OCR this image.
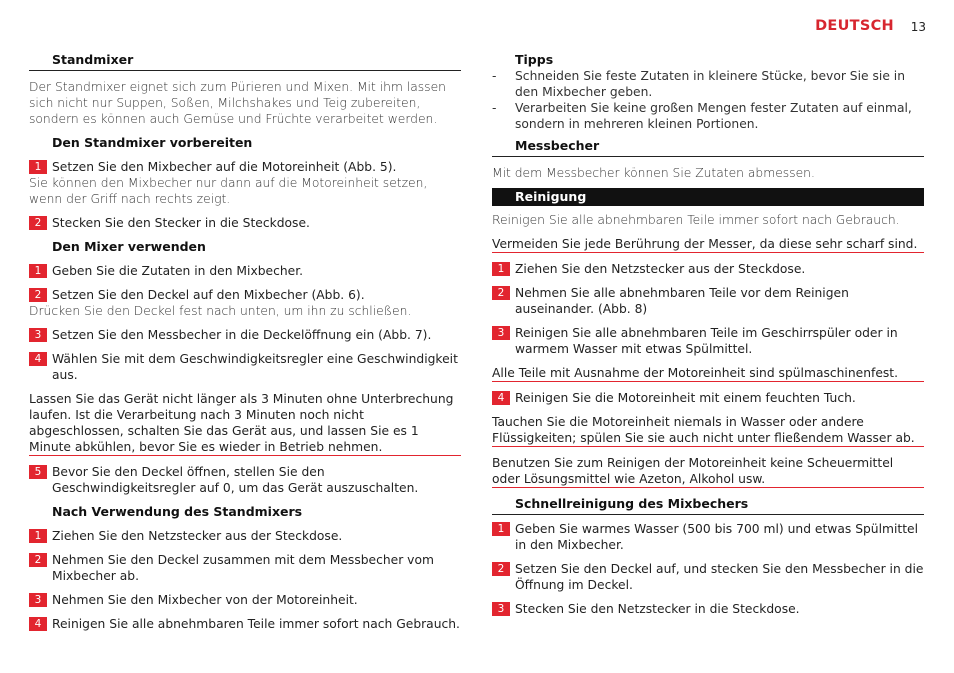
DEUTSCH 13
Standmixer
Der Standmixer eignet sich zum Pürieren und Mixen. Mit ihm lassen sich nicht nur Suppen, Soßen, Milchshakes und Teig zubereiten, sondern es können auch Gemüse und Früchte verarbeitet werden.
Den Standmixer vorbereiten
1 Setzen Sie den Mixbecher auf die Motoreinheit (Abb. 5).
Sie können den Mixbecher nur dann auf die Motoreinheit setzen, wenn der Griff nach rechts zeigt.
2 Stecken Sie den Stecker in die Steckdose.
Den Mixer verwenden
1 Geben Sie die Zutaten in den Mixbecher.
2 Setzen Sie den Deckel auf den Mixbecher (Abb. 6).
Drücken Sie den Deckel fest nach unten, um ihn zu schließen.
3 Setzen Sie den Messbecher in die Deckelöffnung ein (Abb. 7).
4 Wählen Sie mit dem Geschwindigkeitsregler eine Geschwindigkeit aus.
Lassen Sie das Gerät nicht länger als 3 Minuten ohne Unterbrechung laufen. Ist die Verarbeitung nach 3 Minuten noch nicht abgeschlossen, schalten Sie das Gerät aus, und lassen Sie es 1 Minute abkühlen, bevor Sie es wieder in Betrieb nehmen.
5 Bevor Sie den Deckel öffnen, stellen Sie den Geschwindigkeitsregler auf 0, um das Gerät auszuschalten.
Nach Verwendung des Standmixers
1 Ziehen Sie den Netzstecker aus der Steckdose.
2 Nehmen Sie den Deckel zusammen mit dem Messbecher vom Mixbecher ab.
3 Nehmen Sie den Mixbecher von der Motoreinheit.
4 Reinigen Sie alle abnehmbaren Teile immer sofort nach Gebrauch.
Tipps
- Schneiden Sie feste Zutaten in kleinere Stücke, bevor Sie sie in den Mixbecher geben.
- Verarbeiten Sie keine großen Mengen fester Zutaten auf einmal, sondern in mehreren kleinen Portionen.
Messbecher
Mit dem Messbecher können Sie Zutaten abmessen.
Reinigung
Reinigen Sie alle abnehmbaren Teile immer sofort nach Gebrauch.
Vermeiden Sie jede Berührung der Messer, da diese sehr scharf sind.
1 Ziehen Sie den Netzstecker aus der Steckdose.
2 Nehmen Sie alle abnehmbaren Teile vor dem Reinigen auseinander. (Abb. 8)
3 Reinigen Sie alle abnehmbaren Teile im Geschirrspüler oder in warmem Wasser mit etwas Spülmittel.
Alle Teile mit Ausnahme der Motoreinheit sind spülmaschinenfest.
4 Reinigen Sie die Motoreinheit mit einem feuchten Tuch.
Tauchen Sie die Motoreinheit niemals in Wasser oder andere Flüssigkeiten; spülen Sie sie auch nicht unter fließendem Wasser ab.
Benutzen Sie zum Reinigen der Motoreinheit keine Scheuermittel oder Lösungsmittel wie Azeton, Alkohol usw.
Schnellreinigung des Mixbechers
1 Geben Sie warmes Wasser (500 bis 700 ml) und etwas Spülmittel in den Mixbecher.
2 Setzen Sie den Deckel auf, und stecken Sie den Messbecher in die Öffnung im Deckel.
3 Stecken Sie den Netzstecker in die Steckdose.
